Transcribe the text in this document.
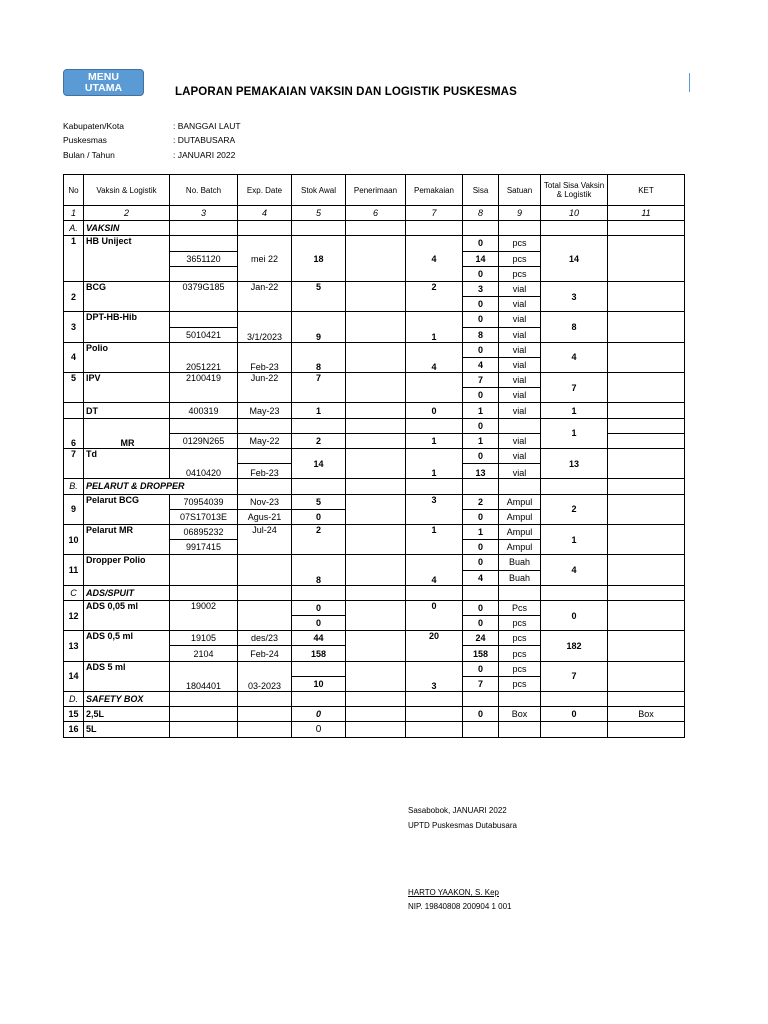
MENU
UTAMA	LAPORAN PEMAKAIAN VAKSIN DAN LOGISTIK PUSKESMAS
Kabupaten/Kota	: BANGGAI LAUT
Puskesmas	: DUTABUSARA
Bulan / Tahun	: JANUARI 2022
No	Vaksin & Logistik	No. Batch	Exp. Date	Stok Awal	Penerimaan	Pemakaian	Sisa	Satuan	Total Sisa Vaksin & Logistik	KET
1	2	3	4	5	6	7	8	9	10	11
A.	VAKSIN									
1	HB Uniject		mei 22	18		4	0	pcs	14	
		3651120					14	pcs		
							0	pcs		
2	BCG	0379G185	Jan-22	5		2	3	vial	3	
							0	vial		
3	DPT-HB-Hib		3/1/2023	9		1	0	vial	8	
		5010421					8	vial		
4	Polio	2051221	Feb-23	8		4	0	vial	4	
							4	vial		
5	IPV	2100419	Jun-22	7			7	vial	7	
							0	vial		
	DT	400319	May-23	1		0	1	vial	1	
6	MR						0		1	
		0129N265	May-22	2		1	1	vial		
7	Td	0410420		14		1	0	vial	13	
			Feb-23				13	vial		

B.	PELARUT & DROPPER									
9	Pelarut BCG	70954039	Nov-23	5		3	2	Ampul	2	
		07S17013E	Agus-21	0			0	Ampul		
10	Pelarut MR	06895232	Jul-24	2		1	1	Ampul	1	
		9917415					0	Ampul		
11	Dropper Polio			8		4	0	Buah	4	
							4	Buah		
C	ADS/SPUIT									
12	ADS 0,05 ml	19002		0		0	0	Pcs	0	
				0			0	pcs		
13	ADS 0,5 ml	19105	des/23	44		20	24	pcs	182	
		2104	Feb-24	158			158	pcs		
14	ADS 5 ml	1804401	03-2023			3	0	pcs	7	
				10			7	pcs		
D.	SAFETY BOX									
15	2,5L			0			0	Box	0	Box
16	5L			0						
Sasabobok, JANUARI 2022
UPTD Puskesmas Dutabusara
HARTO YAAKON, S. Kep
NIP. 19840808 200904 1 001
